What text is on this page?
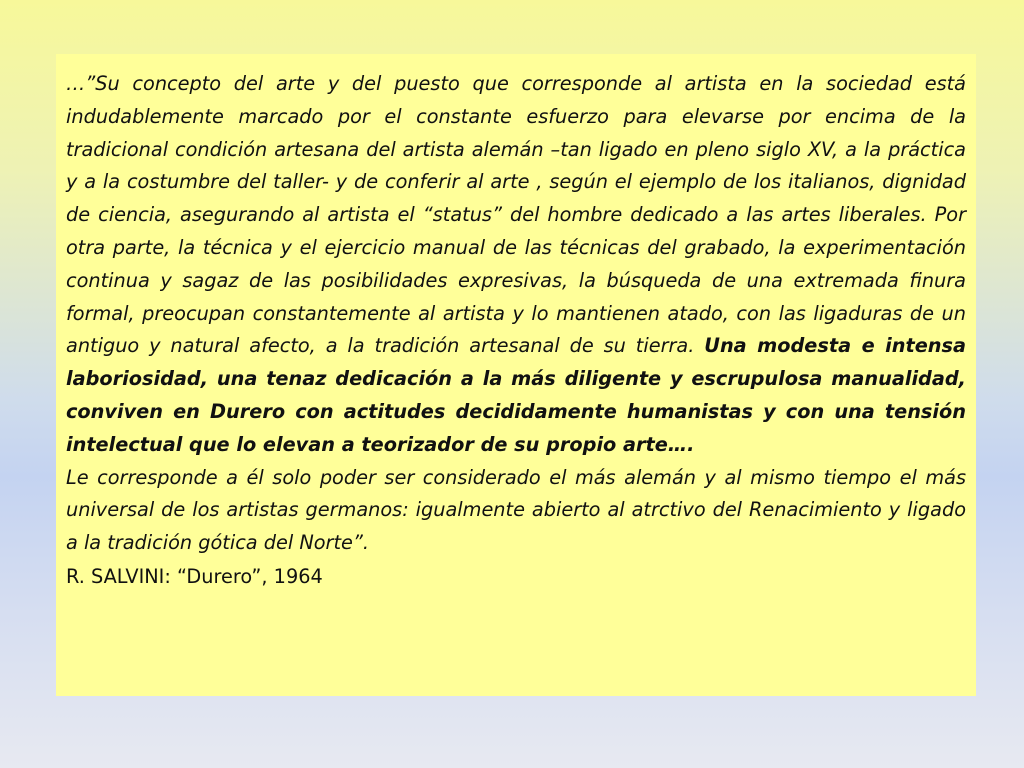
…”Su concepto del arte y del puesto que corresponde al artista en la sociedad está indudablemente marcado por el constante esfuerzo para elevarse por encima de la tradicional condición artesana del artista alemán –tan ligado en pleno siglo XV, a la práctica y a la costumbre del taller- y de conferir al arte , según el ejemplo de los italianos, dignidad de ciencia, asegurando al artista el “status” del hombre dedicado a las artes liberales. Por otra parte, la técnica y el ejercicio manual de las técnicas del grabado, la experimentación continua y sagaz de las posibilidades expresivas, la búsqueda de una extremada finura formal, preocupan constantemente al artista y lo mantienen atado, con las ligaduras de un antiguo y natural afecto, a la tradición artesanal de su tierra. Una modesta e intensa laboriosidad, una tenaz dedicación a la más diligente y escrupulosa manualidad, conviven en Durero con actitudes decididamente humanistas y con una tensión intelectual que lo elevan a teorizador de su propio arte….

Le corresponde a él solo poder ser considerado el más alemán y al mismo tiempo el más universal de los artistas germanos: igualmente abierto al atrctivo del Renacimiento y ligado a la tradición gótica del Norte”.

R. SALVINI: “Durero”, 1964
